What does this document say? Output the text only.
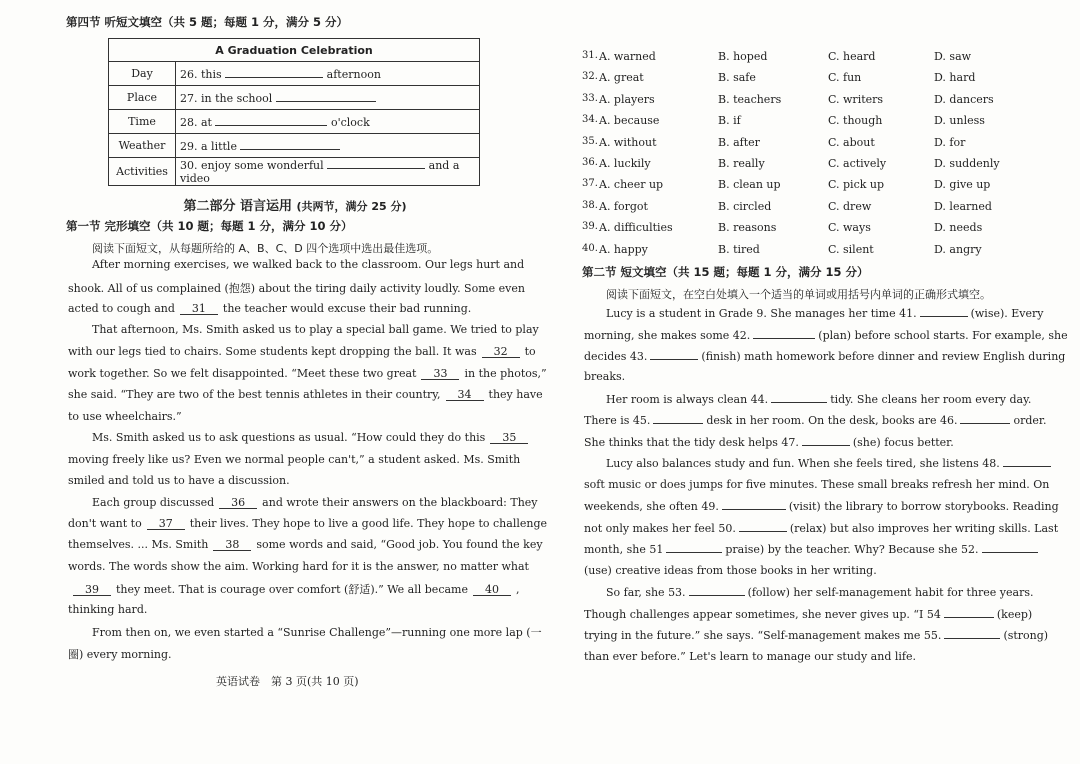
第四节 听短文填空（共 5 题；每题 1 分，满分 5 分）
A Graduation Celebration	
Day	26. this afternoon
Place	27. in the school
Time	28. at o'clock
Weather	29. a little
Activities	30. enjoy some wonderful and a video
第二部分 语言运用 (共两节，满分 25 分)
第一节 完形填空（共 10 题；每题 1 分，满分 10 分）
阅读下面短文，从每题所给的 A、B、C、D 四个选项中选出最佳选项。
After morning exercises, we walked back to the classroom. Our legs hurt and
shook. All of us complained (抱怨) about the tiring daily activity loudly. Some even
acted to cough and 31 the teacher would excuse their bad running.
That afternoon, Ms. Smith asked us to play a special ball game. We tried to play
with our legs tied to chairs. Some students kept dropping the ball. It was 32 to
work together. So we felt disappointed. “Meet these two great 33 in the photos,”
she said. “They are two of the best tennis athletes in their country, 34 they have
to use wheelchairs.”
Ms. Smith asked us to ask questions as usual. “How could they do this 35
moving freely like us? Even we normal people can't,” a student asked. Ms. Smith
smiled and told us to have a discussion.
Each group discussed 36 and wrote their answers on the blackboard: They
don't want to 37 their lives. They hope to live a good life. They hope to challenge
themselves. ... Ms. Smith 38 some words and said, “Good job. You found the key
words. The words show the aim. Working hard for it is the answer, no matter what
39 they meet. That is courage over comfort (舒适).” We all became 40 ,
thinking hard.
From then on, we even started a “Sunrise Challenge”—running one more lap (一
圈) every morning.
英语试卷　第 3 页(共 10 页)
31. A. warned	B. hoped	C. heard	D. saw
32. A. great	B. safe	C. fun	D. hard
33. A. players	B. teachers	C. writers	D. dancers
34. A. because	B. if	C. though	D. unless
35. A. without	B. after	C. about	D. for
36. A. luckily	B. really	C. actively	D. suddenly
37. A. cheer up	B. clean up	C. pick up	D. give up
38. A. forgot	B. circled	C. drew	D. learned
39. A. difficulties	B. reasons	C. ways	D. needs
40. A. happy	B. tired	C. silent	D. angry
第二节 短文填空（共 15 题；每题 1 分，满分 15 分）
阅读下面短文，在空白处填入一个适当的单词或用括号内单词的正确形式填空。
Lucy is a student in Grade 9. She manages her time 41.	(wise). Every
morning, she makes some 42.	(plan) before school starts. For example, she
decides 43.	(finish) math homework before dinner and review English during
breaks.
Her room is always clean 44.	tidy. She cleans her room every day.
There is 45.	desk in her room. On the desk, books are 46.	order.
She thinks that the tidy desk helps 47.	(she) focus better.
Lucy also balances study and fun. When she feels tired, she listens 48.
soft music or does jumps for five minutes. These small breaks refresh her mind. On
weekends, she often 49.	(visit) the library to borrow storybooks. Reading
not only makes her feel 50.	(relax) but also improves her writing skills. Last
month, she 51	praise) by the teacher. Why? Because she 52.
(use) creative ideas from those books in her writing.
So far, she 53.	(follow) her self-management habit for three years.
Though challenges appear sometimes, she never gives up. “I 54	(keep)
trying in the future.” she says. “Self-management makes me 55.	(strong)
than ever before.” Let's learn to manage our study and life.
